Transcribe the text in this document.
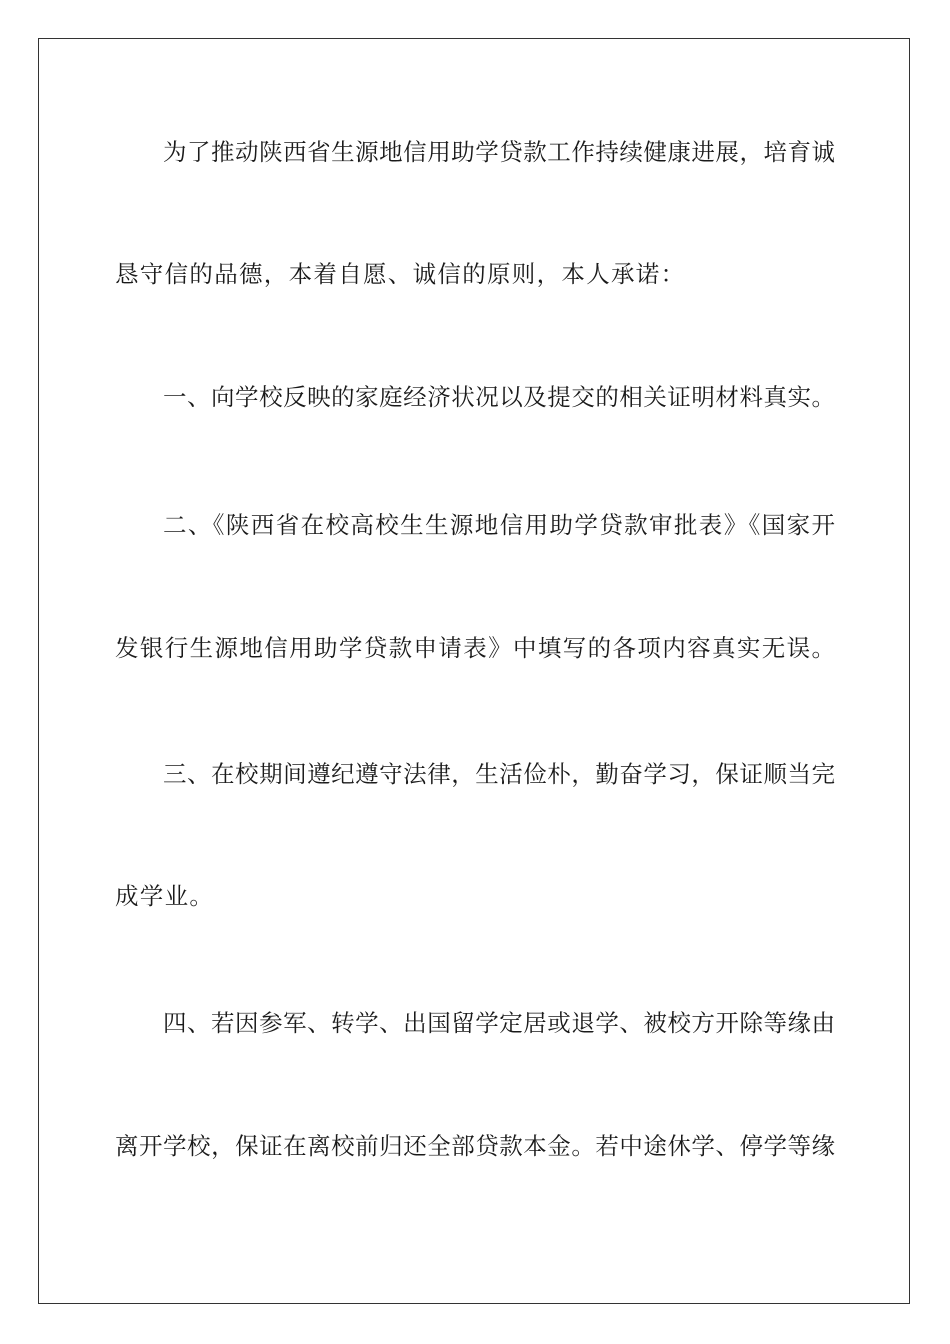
为了推动陕西省生源地信用助学贷款工作持续健康进展，培育诚
恳守信的品德，本着自愿、诚信的原则，本人承诺：
一、向学校反映的家庭经济状况以及提交的相关证明材料真实。
二、《陕西省在校高校生生源地信用助学贷款审批表》《国家开
发银行生源地信用助学贷款申请表》中填写的各项内容真实无误。
三、在校期间遵纪遵守法律，生活俭朴，勤奋学习，保证顺当完
成学业。
四、若因参军、转学、出国留学定居或退学、被校方开除等缘由
离开学校，保证在离校前归还全部贷款本金。若中途休学、停学等缘
